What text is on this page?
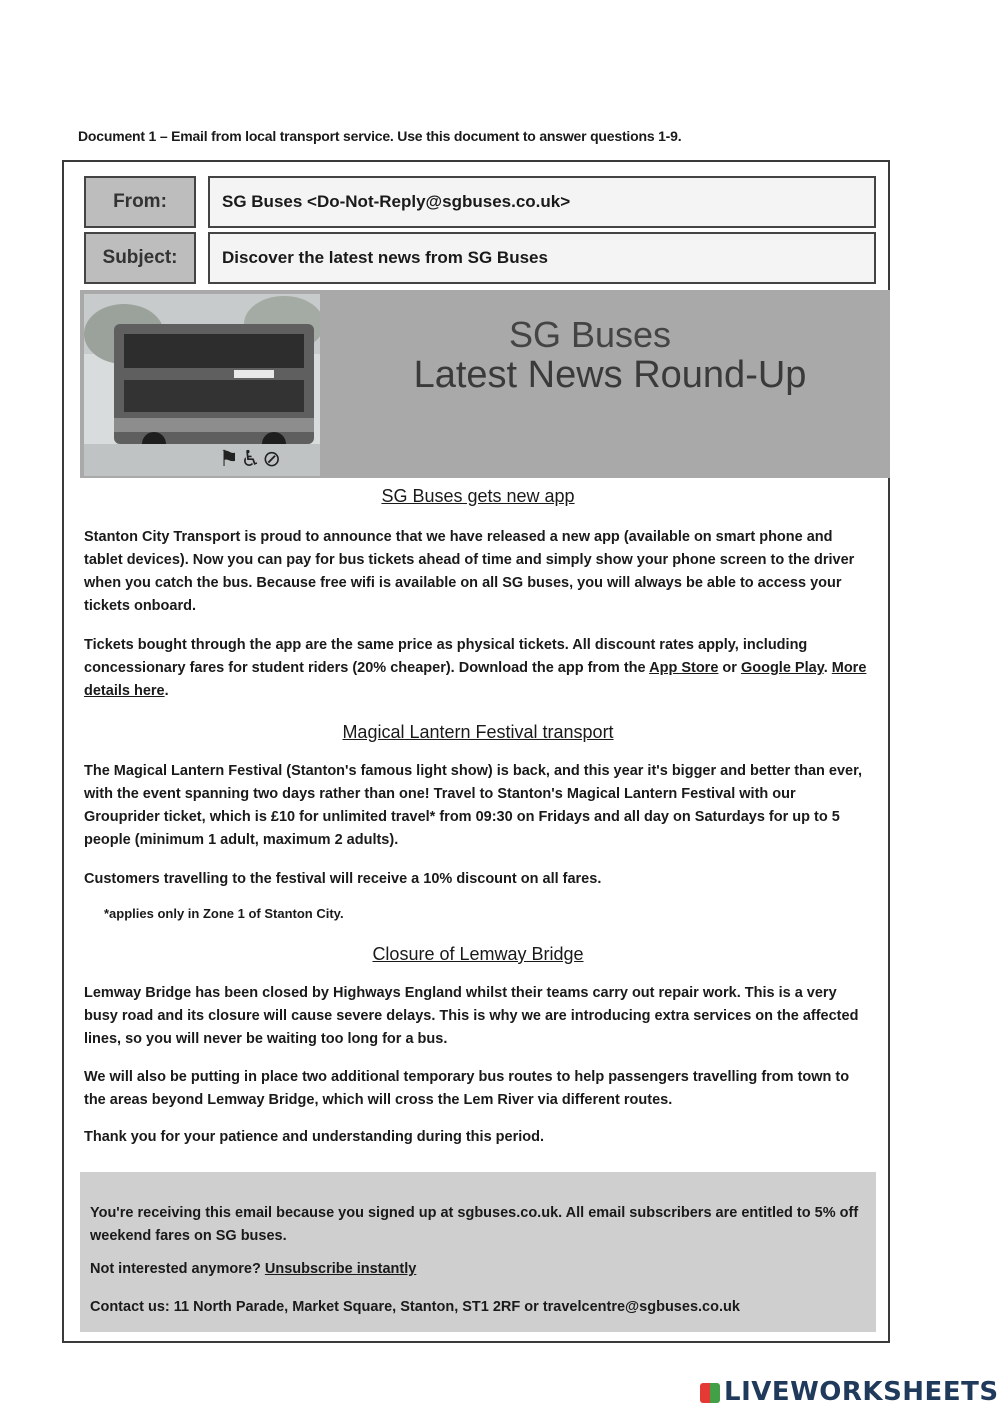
Document 1 – Email from local transport service. Use this document to answer questions 1-9.
From:	SG Buses <Do-Not-Reply@sgbuses.co.uk>
Subject:	Discover the latest news from SG Buses
⚑♿⊘
SG Buses
Latest News Round-Up
SG Buses gets new app
Stanton City Transport is proud to announce that we have released a new app (available on smart phone and tablet devices). Now you can pay for bus tickets ahead of time and simply show your phone screen to the driver when you catch the bus. Because free wifi is available on all SG buses, you will always be able to access your tickets onboard.
Tickets bought through the app are the same price as physical tickets. All discount rates apply, including concessionary fares for student riders (20% cheaper). Download the app from the App Store or Google Play. More details here.
Magical Lantern Festival transport
The Magical Lantern Festival (Stanton's famous light show) is back, and this year it's bigger and better than ever, with the event spanning two days rather than one! Travel to Stanton's Magical Lantern Festival with our Grouprider ticket, which is £10 for unlimited travel* from 09:30 on Fridays and all day on Saturdays for up to 5 people (minimum 1 adult, maximum 2 adults).
Customers travelling to the festival will receive a 10% discount on all fares.
*applies only in Zone 1 of Stanton City.
Closure of Lemway Bridge
Lemway Bridge has been closed by Highways England whilst their teams carry out repair work. This is a very busy road and its closure will cause severe delays. This is why we are introducing extra services on the affected lines, so you will never be waiting too long for a bus.
We will also be putting in place two additional temporary bus routes to help passengers travelling from town to the areas beyond Lemway Bridge, which will cross the Lem River via different routes.
Thank you for your patience and understanding during this period.
You're receiving this email because you signed up at sgbuses.co.uk. All email subscribers are entitled to 5% off weekend fares on SG buses.
Not interested anymore? Unsubscribe instantly
Contact us: 11 North Parade, Market Square, Stanton, ST1 2RF or travelcentre@sgbuses.co.uk
LIVEWORKSHEETS
